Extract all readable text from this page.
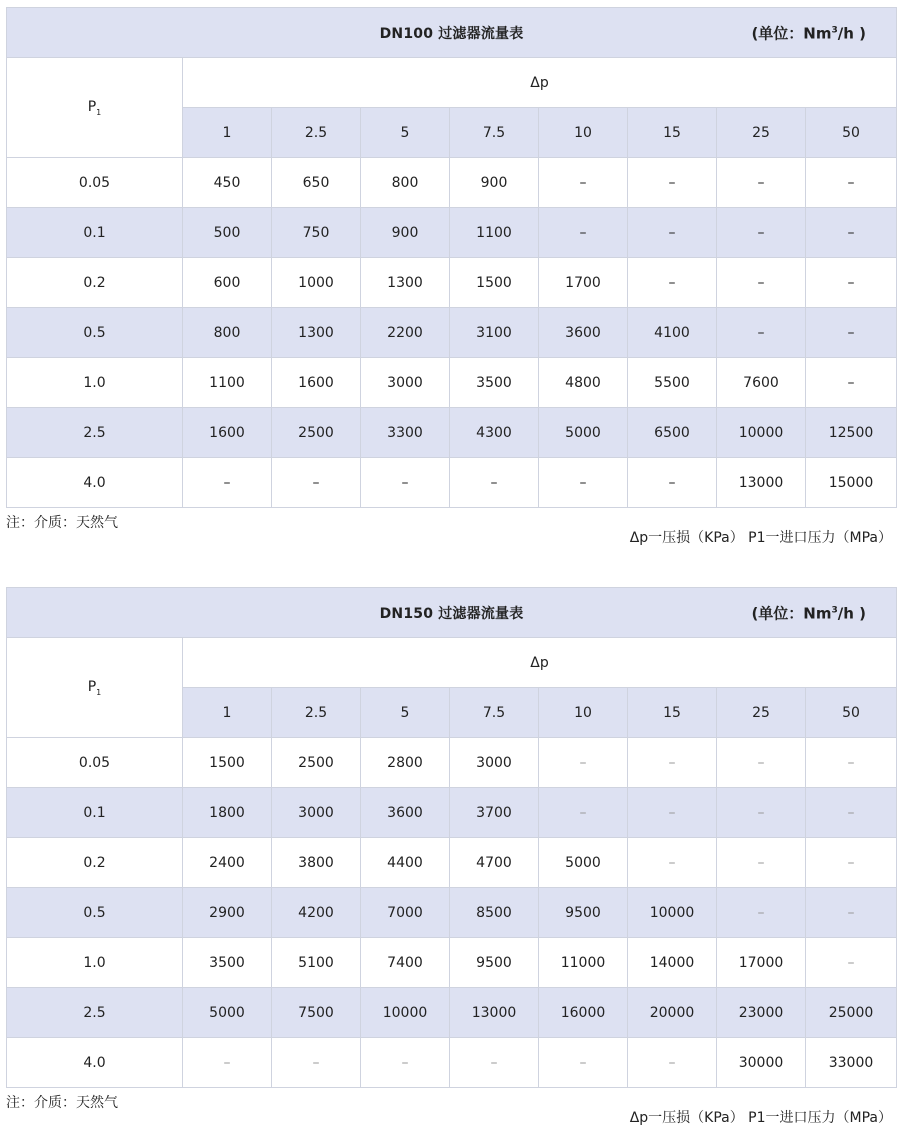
DN100 过滤器流量表 (单位：Nm$^3$/h )								

$P_1$	Δp							
	1	2.5	5	7.5	10	15	25	50
0.05	450	650	800	900	–	–	–	–
0.1	500	750	900	1100	–	–	–	–
0.2	600	1000	1300	1500	1700	–	–	–
0.5	800	1300	2200	3100	3600	4100	–	–
1.0	1100	1600	3000	3500	4800	5500	7600	–
2.5	1600	2500	3300	4300	5000	6500	10000	12500
4.0	–	–	–	–	–	–	13000	15000
注：介质：天然气
Δp一压损（KPa） P1一进口压力（MPa）
DN150 过滤器流量表 (单位：Nm$^3$/h )								

$P_1$	Δp							
	1	2.5	5	7.5	10	15	25	50
0.05	1500	2500	2800	3000	–	–	–	–
0.1	1800	3000	3600	3700	–	–	–	–
0.2	2400	3800	4400	4700	5000	–	–	–
0.5	2900	4200	7000	8500	9500	10000	–	–
1.0	3500	5100	7400	9500	11000	14000	17000	–
2.5	5000	7500	10000	13000	16000	20000	23000	25000
4.0	–	–	–	–	–	–	30000	33000
注：介质：天然气
Δp一压损（KPa） P1一进口压力（MPa）
